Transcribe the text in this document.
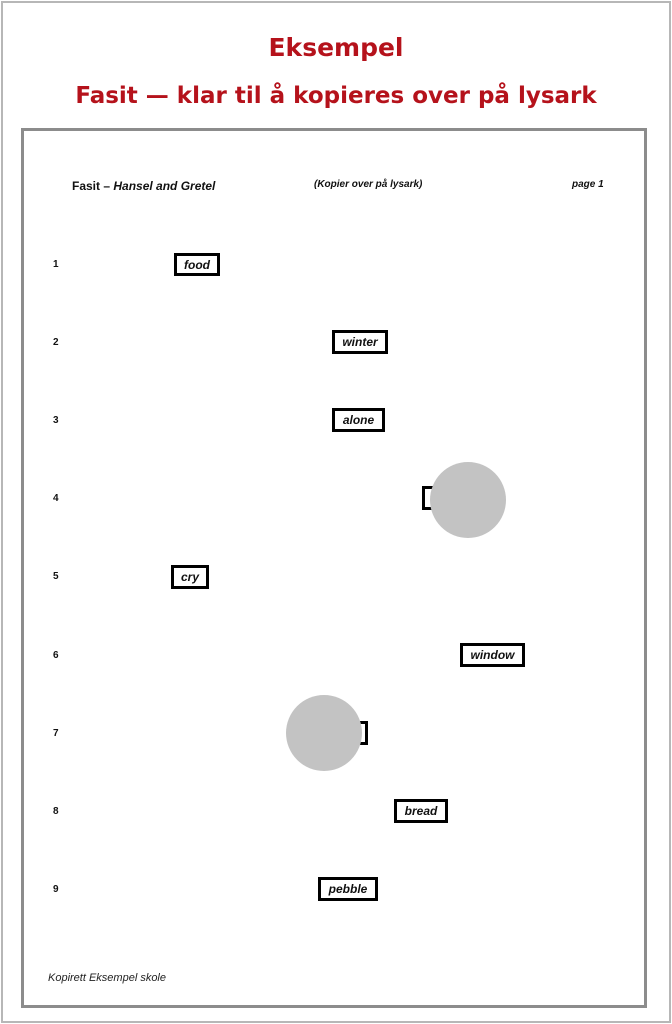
Eksempel
Fasit — klar til å kopieres over på lysark
Fasit – Hansel and Gretel	(Kopier over på lysark)	page 1
1
2
3
4
5
6
7
8
9
food
winter
alone
cry
window
bread
pebble
Kopirett Eksempel skole
